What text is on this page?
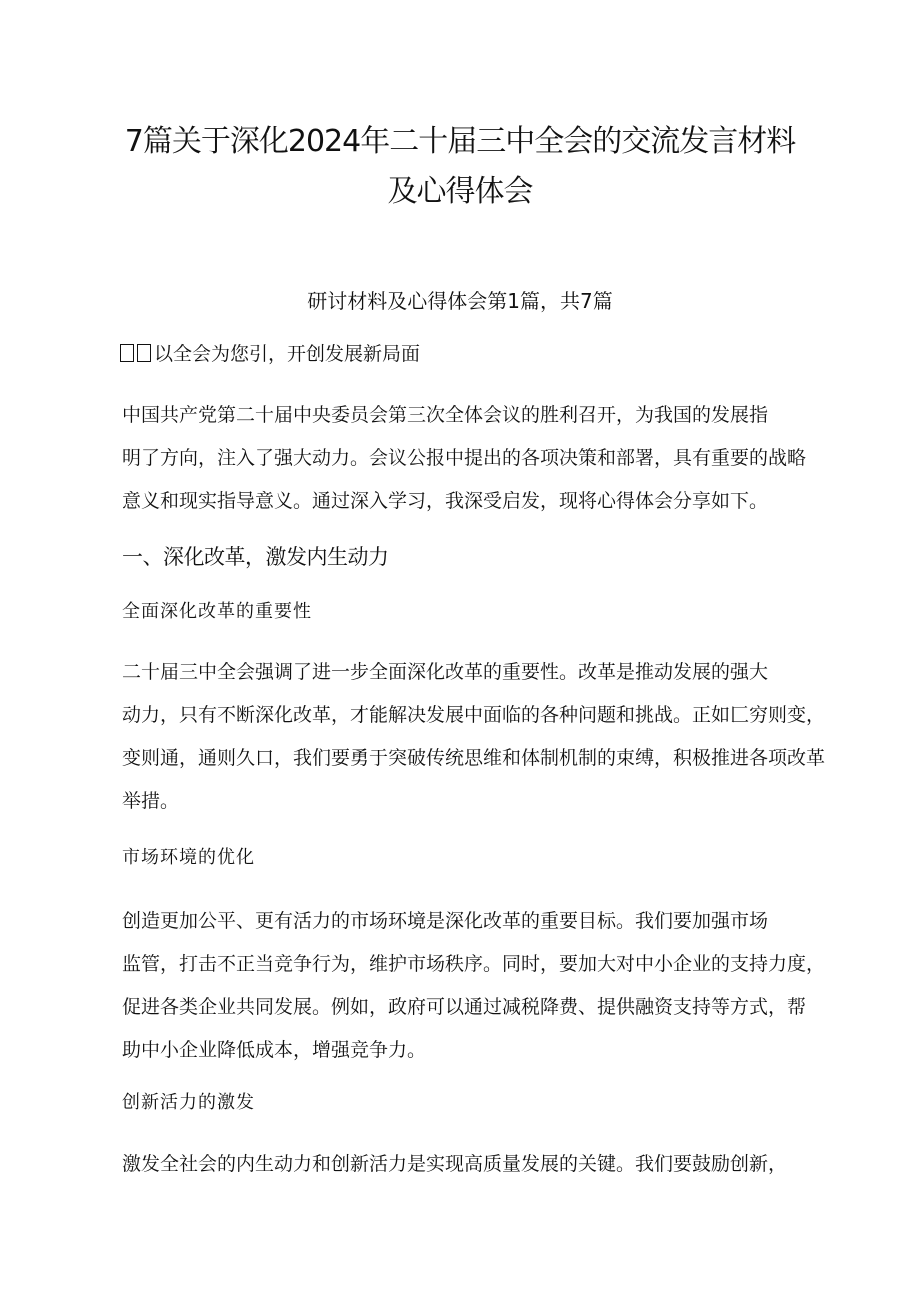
7篇关于深化2024年二十届三中全会的交流发言材料
及心得体会
研讨材料及心得体会第1篇，共7篇

以全会为您引，开创发展新局面

中国共产党第二十届中央委员会第三次全体会议的胜利召开，为我国的发展指
明了方向，注入了强大动力。会议公报中提出的各项决策和部署，具有重要的战略
意义和现实指导意义。通过深入学习，我深受启发，现将心得体会分享如下。

一、深化改革，激发内生动力
全面深化改革的重要性

二十届三中全会强调了进一步全面深化改革的重要性。改革是推动发展的强大
动力，只有不断深化改革，才能解决发展中面临的各种问题和挑战。正如匚穷则变，
变则通，通则久口，我们要勇于突破传统思维和体制机制的束缚，积极推进各项改革
举措。

市场环境的优化

创造更加公平、更有活力的市场环境是深化改革的重要目标。我们要加强市场
监管，打击不正当竞争行为，维护市场秩序。同时，要加大对中小企业的支持力度，
促进各类企业共同发展。例如，政府可以通过减税降费、提供融资支持等方式，帮
助中小企业降低成本，增强竞争力。

创新活力的激发

激发全社会的内生动力和创新活力是实现高质量发展的关键。我们要鼓励创新，
